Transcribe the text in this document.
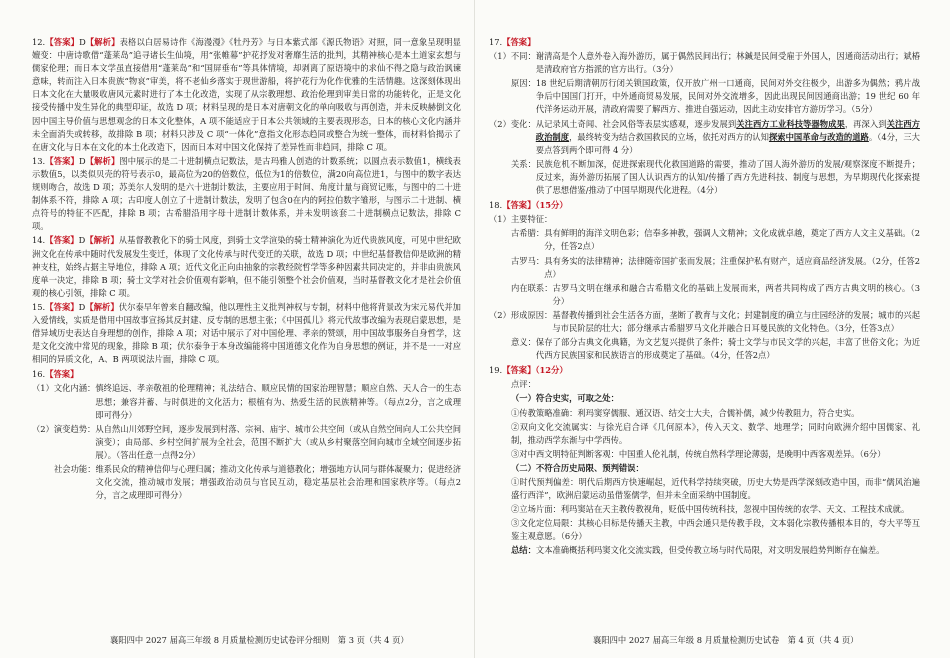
12.【答案】D【解析】表格以白居易诗作《海漫漫》《牡丹芳》与日本紫式部《源氏物语》对照，同一意象呈现明显嬗变：中唐诗歌借“蓬莱岛”追寻诸长生仙境，用“张帷幕”护花抒发对奢靡生活的批判，其精神核心是本土道家玄想与儒家伦理；而日本文学虽直接借用“蓬莱岛”和“国屏垂布”等具体情境，却剥离了原语境中的求仙不得之隐与政治讽谏意味，转而注入日本贵族“物哀”审美，将不老仙乡落实于现世游船，将护花行为化作优雅的生活情趣。这深刻体现出日本文化在大量吸收唐风元素时进行了本土化改造，实现了从宗教理想、政治伦理到审美日常的功能转化，正是文化接受传播中发生异化的典型印证，故选 D 项；材料呈现的是日本对唐朝文化的单向吸收与再创造，并未反映赫倒文化因中国主导价值与思想观念的日本文化整体，A 项不能适应于日本公共领域的主要表现形态，日本的核心文化内涵并未全面消失或转移，故排除 B 项；材料只涉及 C 项“一体化”意指文化形态趋同或整合为统一整体，而材料恰揭示了在唐文化与日本在文化的本土化改造下，因而日本对中国文化保持了差异性而非趋同，排除 C 项。
13.【答案】D【解析】图中展示的是二十进制横点记数法，是古玛雅人创造的计数系统；以圆点表示数值1，横线表示数值5，以类似贝壳的符号表示0，最高位为20的倍数位，低位为1的倍数位，满20向高位进1，与图中的数字表达规则吻合，故选 D 项；苏美尔人发明的是六十进制计数法，主要应用于时间、角度计量与商贸记账，与图中的二十进制体系不符，排除 A 项；古印度人创立了十进制计数法，发明了包含0在内的阿拉伯数字雏形，与图示二十进制、横点符号的特征不匹配，排除 B 项；古希腊沿用字母十进制计数体系，并未发明该套二十进制横点记数法，排除 C 项。
14.【答案】D【解析】从基督教教化下的骑士风度，到骑士文学渲染的骑士精神演化为近代贵族风度，可见中世纪欧洲文化在传承中随时代发展发生变迁，体现了文化传承与时代变迁的关联，故选 D 项；中世纪基督教信仰是欧洲的精神支柱，始终占据主导地位，排除 A 项；近代文化正向由抽象的宗教经院哲学等多种因素共同决定的，并非由贵族风度单一决定，排除 B 项；骑士文学对社会价值观有影响，但不能引领整个社会价值观，当时基督教文化才是社会价值观的核心引领，排除 C 项。
15.【答案】D【解析】伏尔泰早年曾来自翻改编，他以理性主义批判神权与专制，材料中他将背景改为宋元易代并加入爱情线，实质是借用中国故事宣扬其反封建、反专制的思想主张；《中国孤儿》将元代故事改编为表现启蒙思想，是借异域历史表达自身理想的创作，排除 A 项；对话中展示了对中国伦理、孝亲的赞颂，用中国故事服务自身哲学，这是文化交流中常见的现象，排除 B 项；伏尔泰争于本身改编能将中国道德文化作为自身思想的例证，并不是一一对应相同的异质文化，A、B 两项说法片面，排除 C 项。
16.【答案】
（1）文化内涵： 慎终追远、孝亲敬祖的伦理精神；礼法结合、顺应民情的国家治理智慧；顺应自然、天人合一的生态思想；兼容并蓄、与时俱进的文化活力；根植有为、热爱生活的民族精神等。（每点2分，言之成理即可得分）
（2）演变趋势： 从自然山川郊野空间，逐步发展到村落、宗祠、庙宇、城市公共空间（或从自然空间向人工公共空间演变）；由局部、乡村空间扩展为全社会，范围不断扩大（或从乡村聚落空间向城市全域空间逐步拓展）。（答出任意一点得2分）
社会功能： 维系民众的精神信仰与心理归属；推动文化传承与道德教化；增强地方认同与群体凝聚力；促进经济文化交流，推动城市发展；增强政治动员与官民互动，稳定基层社会治理和国家秩序等。（每点2分，言之成理即可得分）
襄阳四中 2027 届高三年级 8 月质量检测历史试卷评分细则　第 3 页（共 4 页）
17.【答案】
（1）不同： 谢清高是个人意外卷入海外游历，属于偶然民间出行；林鍼是民间受雇于外国人，因通商活动出行；斌椿是清政府官方指派的官方出行。（3分）
原因： 18 世纪后期清朝厉行闭关锁国政策，仅开放广州一口通商，民间对外交往极少，出游多为偶然；鸦片战争后中国国门打开，中外通商贸易发展，民间对外交流增多，因此出现民间因通商出游；19 世纪 60 年代洋务运动开展，清政府需要了解西方、推进自强运动，因此主动安排官方游历学习。（5分）
（2）变化： 从记录风土奇闻、社会风俗等表层实感观，逐步发展到关注西方工业科技等器物成果，再深入到关注西方政治制度，最终转变为结合救国救民的立场，依托对西方的认知探索中国革命与改造的道路。（4分，三大要点答到两个即可得 4 分）
关系： 民族危机不断加深，促进探索现代化救国道路的需要，推动了国人海外游历的发展/观察深度不断提升；反过来，海外游历拓展了国人认识西方的认知/传播了西方先进科技、制度与思想，为早期现代化探索提供了思想借鉴/推动了中国早期现代化进程。（4分）
18.【答案】（15分）
（1）主要特征：
古希腊： 具有鲜明的海洋文明色彩；信奉多神教，强调人文精神；文化成就卓越，奠定了西方人文主义基础。（2分，任答2点）
古罗马： 具有务实的法律精神；法律随帝国扩张而发展；注重保护私有财产，适应商品经济发展。（2分，任答2点）
内在联系： 古罗马文明在继承和融合古希腊文化的基础上发展而来，两者共同构成了西方古典文明的核心。（3分）
（2）形成原因： 基督教传播到社会生活各方面，垄断了教育与文化；封建制度的确立与庄园经济的发展；城市的兴起与市民阶层的壮大；部分继承古希腊罗马文化并融合日耳曼民族的文化特色。（3分，任答3点）
意义： 保存了部分古典文化典籍，为文艺复兴提供了条件；骑士文学与市民文学的兴起，丰富了世俗文化；为近代西方民族国家和民族语言的形成奠定了基础。（4分，任答2点）
19.【答案】（12分）
点评：
（一）符合史实，可取之处：
①传教策略准确：利玛窦穿儒服、通汉语、结交士大夫，合儒补儒，减少传教阻力，符合史实。
②双向文化交流属实：与徐光启合译《几何原本》，传入天文、数学、地理学；同时向欧洲介绍中国儒家、礼制，推动西学东渐与中学西传。
③对中西文明特征判断客观：中国重人伦礼制，传统自然科学理论薄弱，是晚明中西客观差异。（6分）
（二）不符合历史局限、预判错误：
①时代预判偏差：明代后期西方快速崛起，近代科学持续突破，历史大势是西学深刻改造中国，而非“儒风治遍盛行西洋”，欧洲启蒙运动虽借鉴儒学，但并未全面采纳中国制度。
②立场片面：利玛窦站在天主教传教视角，贬低中国传统科技，忽视中国传统的农学、天文、工程技术成就。
③文化定位局限：其核心目标是传播天主教，中西会通只是传教手段，文本弱化宗教传播根本目的，夸大平等互鉴主观意愿。（6分）
总结： 文本准确概括利玛窦文化交流实践，但受传教立场与时代局限，对文明发展趋势判断存在偏差。
襄阳四中 2027 届高三年级 8 月质量检测历史试卷　第 4 页（共 4 页）
